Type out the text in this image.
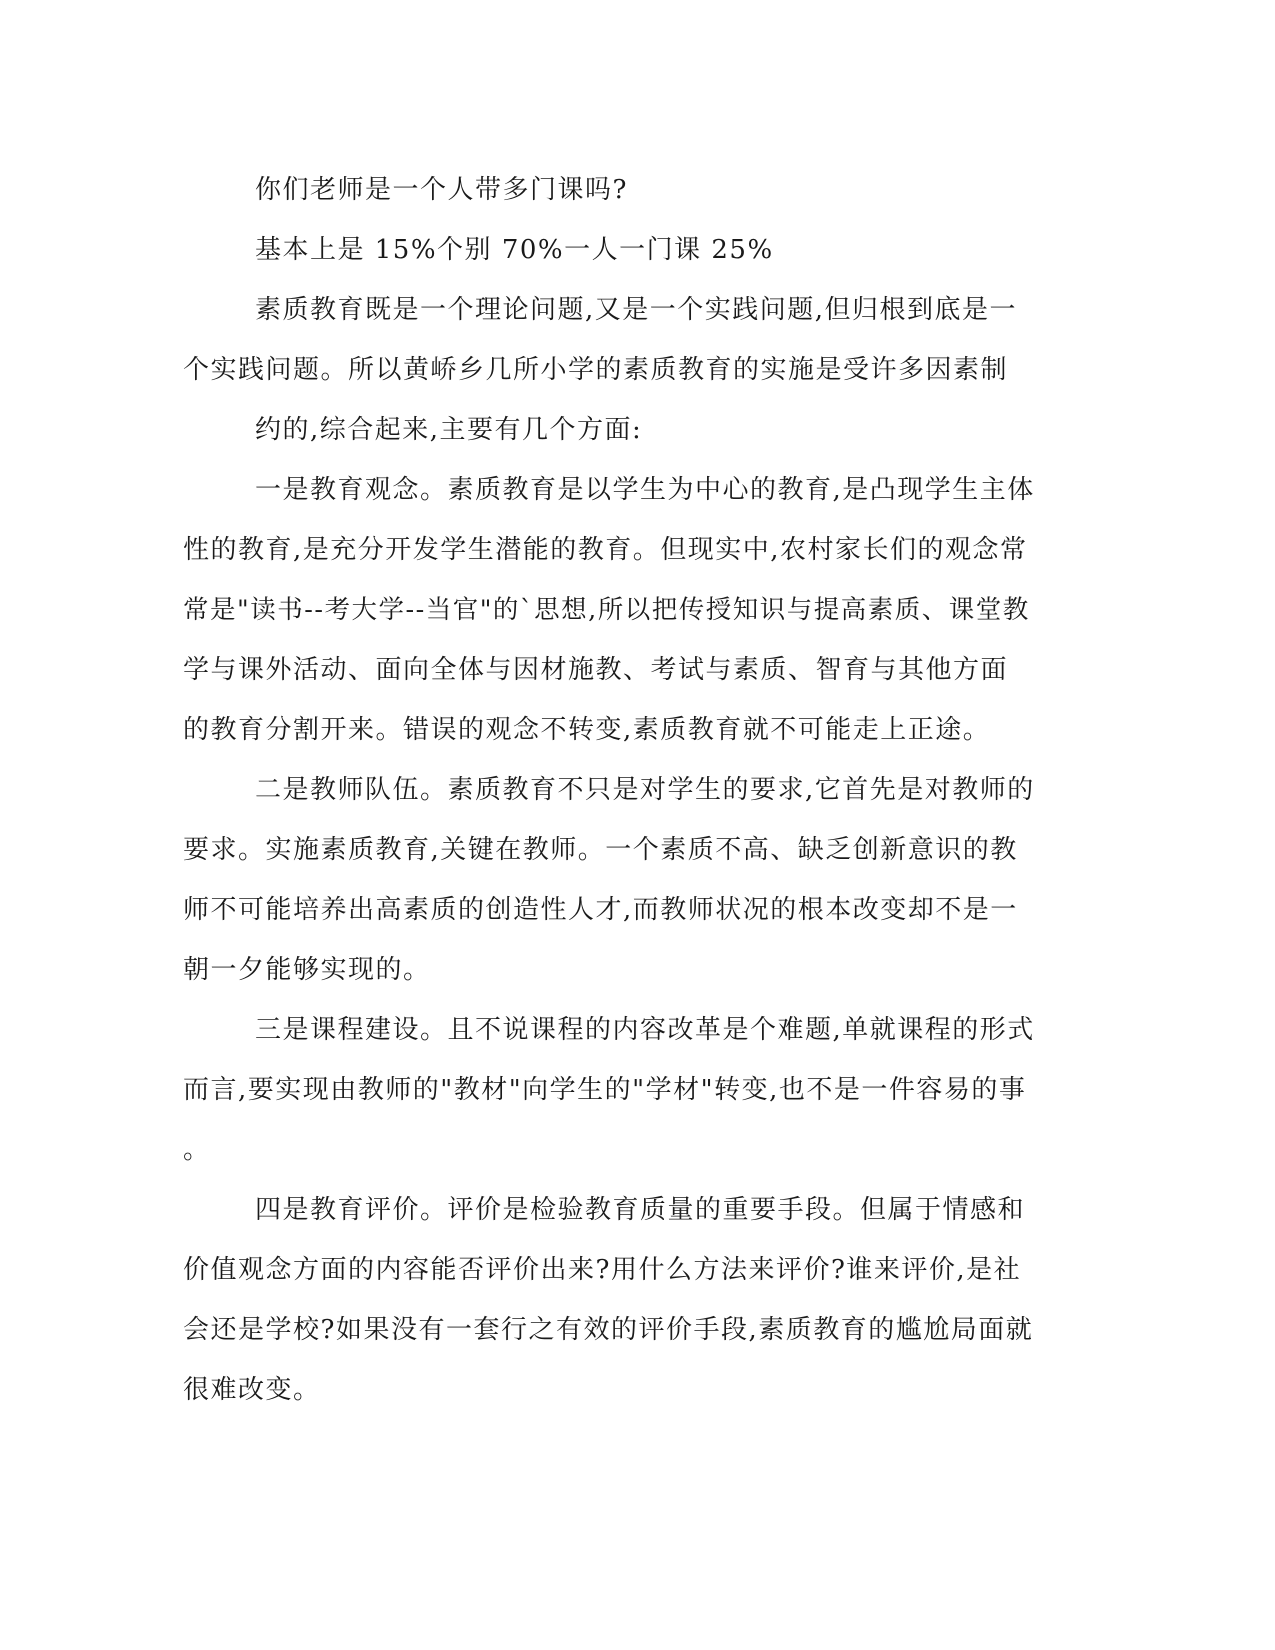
你们老师是一个人带多门课吗?
基本上是 15%个别 70%一人一门课 25%
素质教育既是一个理论问题,又是一个实践问题,但归根到底是一
个实践问题。所以黄峤乡几所小学的素质教育的实施是受许多因素制
约的,综合起来,主要有几个方面:
一是教育观念。素质教育是以学生为中心的教育,是凸现学生主体
性的教育,是充分开发学生潜能的教育。但现实中,农村家长们的观念常
常是"读书--考大学--当官"的`思想,所以把传授知识与提高素质、课堂教
学与课外活动、面向全体与因材施教、考试与素质、智育与其他方面
的教育分割开来。错误的观念不转变,素质教育就不可能走上正途。
二是教师队伍。素质教育不只是对学生的要求,它首先是对教师的
要求。实施素质教育,关键在教师。一个素质不高、缺乏创新意识的教
师不可能培养出高素质的创造性人才,而教师状况的根本改变却不是一
朝一夕能够实现的。
三是课程建设。且不说课程的内容改革是个难题,单就课程的形式
而言,要实现由教师的"教材"向学生的"学材"转变,也不是一件容易的事
。
四是教育评价。评价是检验教育质量的重要手段。但属于情感和
价值观念方面的内容能否评价出来?用什么方法来评价?谁来评价,是社
会还是学校?如果没有一套行之有效的评价手段,素质教育的尴尬局面就
很难改变。
